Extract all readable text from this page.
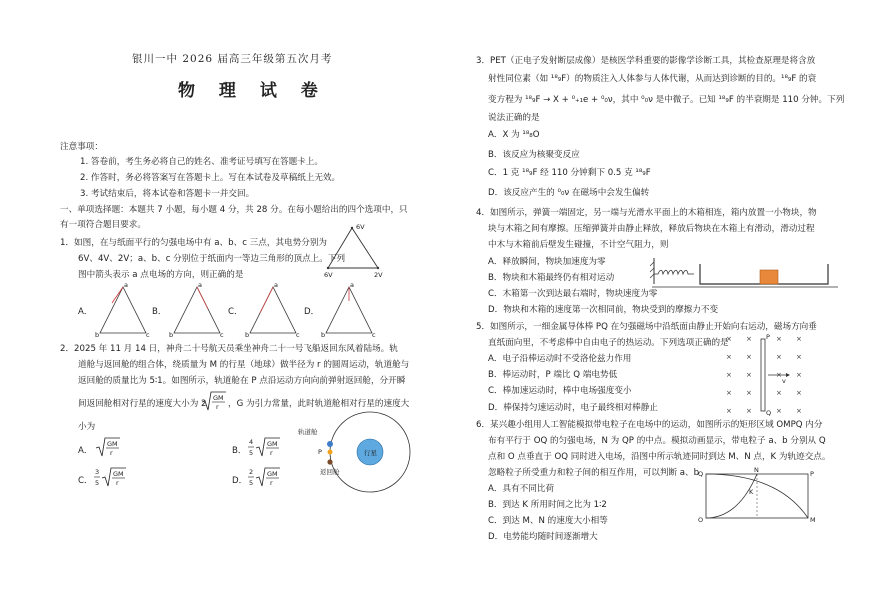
银川一中 2026 届高三年级第五次月考
物 理 试 卷
注意事项：
1. 答卷前，考生务必将自己的姓名、准考证号填写在答题卡上。
2. 作答时，务必将答案写在答题卡上。写在本试卷及草稿纸上无效。
3. 考试结束后，将本试卷和答题卡一并交回。
一、单项选择题：本题共 7 小题，每小题 4 分，共 28 分。在每小题给出的四个选项中，只
有一项符合题目要求。
1．如图，在与纸面平行的匀强电场中有 a、b、c 三点，其电势分别为
6V、4V、2V；a、b、c 分别位于纸面内一等边三角形的顶点上。下列
图中箭头表示 a 点电场的方向，则正确的是
6V
6V	2V
A．
a
b	c
B．
a
b	c
C．
a
b	c
D．
a
b	c
2．2025 年 11 月 14 日，神舟二十号航天员乘坐神舟二十一号飞船返回东风着陆场。轨
道舱与返回舱的组合体，绕质量为 M 的行星（地球）做半径为 r 的圆周运动，轨道舱与
返回舱的质量比为 5∶1。如图所示，轨道舱在 P 点沿运动方向向前弹射返回舱，分开瞬
间返回舱相对行星的速度大小为 2
GM
r ，G 为引力常量，此时轨道舱相对行星的速度大
小为
A．
GM
r	B．
4
5
GM
r
C．
3
5
GM
r	D．
2
5
GM
r
行星
轨道舱
P
返回舱
3．PET（正电子发射断层成像）是核医学科重要的影像学诊断工具，其检查原理是将含放
射性同位素（如 ¹⁸₉F）的物质注入人体参与人体代谢，从而达到诊断的目的。¹⁸₉F 的衰
变方程为 ¹⁸₉F → X + ⁰₊₁e + ⁰₀ν，其中 ⁰₀ν 是中微子。已知 ¹⁸₉F 的半衰期是 110 分钟。下列
说法正确的是
A．X 为 ¹⁸₈O
B．该反应为核聚变反应
C．1 克 ¹⁸₉F 经 110 分钟剩下 0.5 克 ¹⁸₉F
D．该反应产生的 ⁰₀ν 在磁场中会发生偏转
4．如图所示，弹簧一端固定，另一端与光滑水平面上的木箱相连，箱内放置一小物块，物
块与木箱之间有摩擦。压缩弹簧并由静止释放，释放后物块在木箱上有滑动，滑动过程
中木与木箱前后壁发生碰撞，不计空气阻力，则
A．释放瞬间，物块加速度为零
B．物块和木箱最终仍有相对运动
C．木箱第一次到达最右端时，物块速度为零
D．物块和木箱的速度第一次相同前，物块受到的摩擦力不变
5．如图所示，一细金属导体棒 PQ 在匀强磁场中沿纸面由静止开始向右运动，磁场方向垂
直纸面向里，不考虑棒中自由电子的热运动。下列选项正确的是
A．电子沿棒运动时不受洛伦兹力作用
B．棒运动时，P 端比 Q 端电势低
C．棒加速运动时，棒中电场强度变小
D．棒保持匀速运动时，电子最终相对棒静止
× ×	× ×
× ×	× ×
× ×	× ×
× ×	× ×
× ×	× ×
P
Q
v
6．某兴趣小组用人工智能模拟带电粒子在电场中的运动，如图所示的矩形区域 OMPQ 内分
布有平行于 OQ 的匀强电场，N 为 QP 的中点。模拟动画显示，带电粒子 a、b 分别从 Q
点和 O 点垂直于 OQ 同时进入电场，沿图中所示轨迹同时到达 M、N 点，K 为轨迹交点。
忽略粒子所受重力和粒子间的相互作用，可以判断 a、b
A．具有不同比荷
B．到达 K 所用时间之比为 1∶2
C．到达 M、N 的速度大小相等
D．电势能均随时间逐渐增大
Q	N	P
K
O	M
